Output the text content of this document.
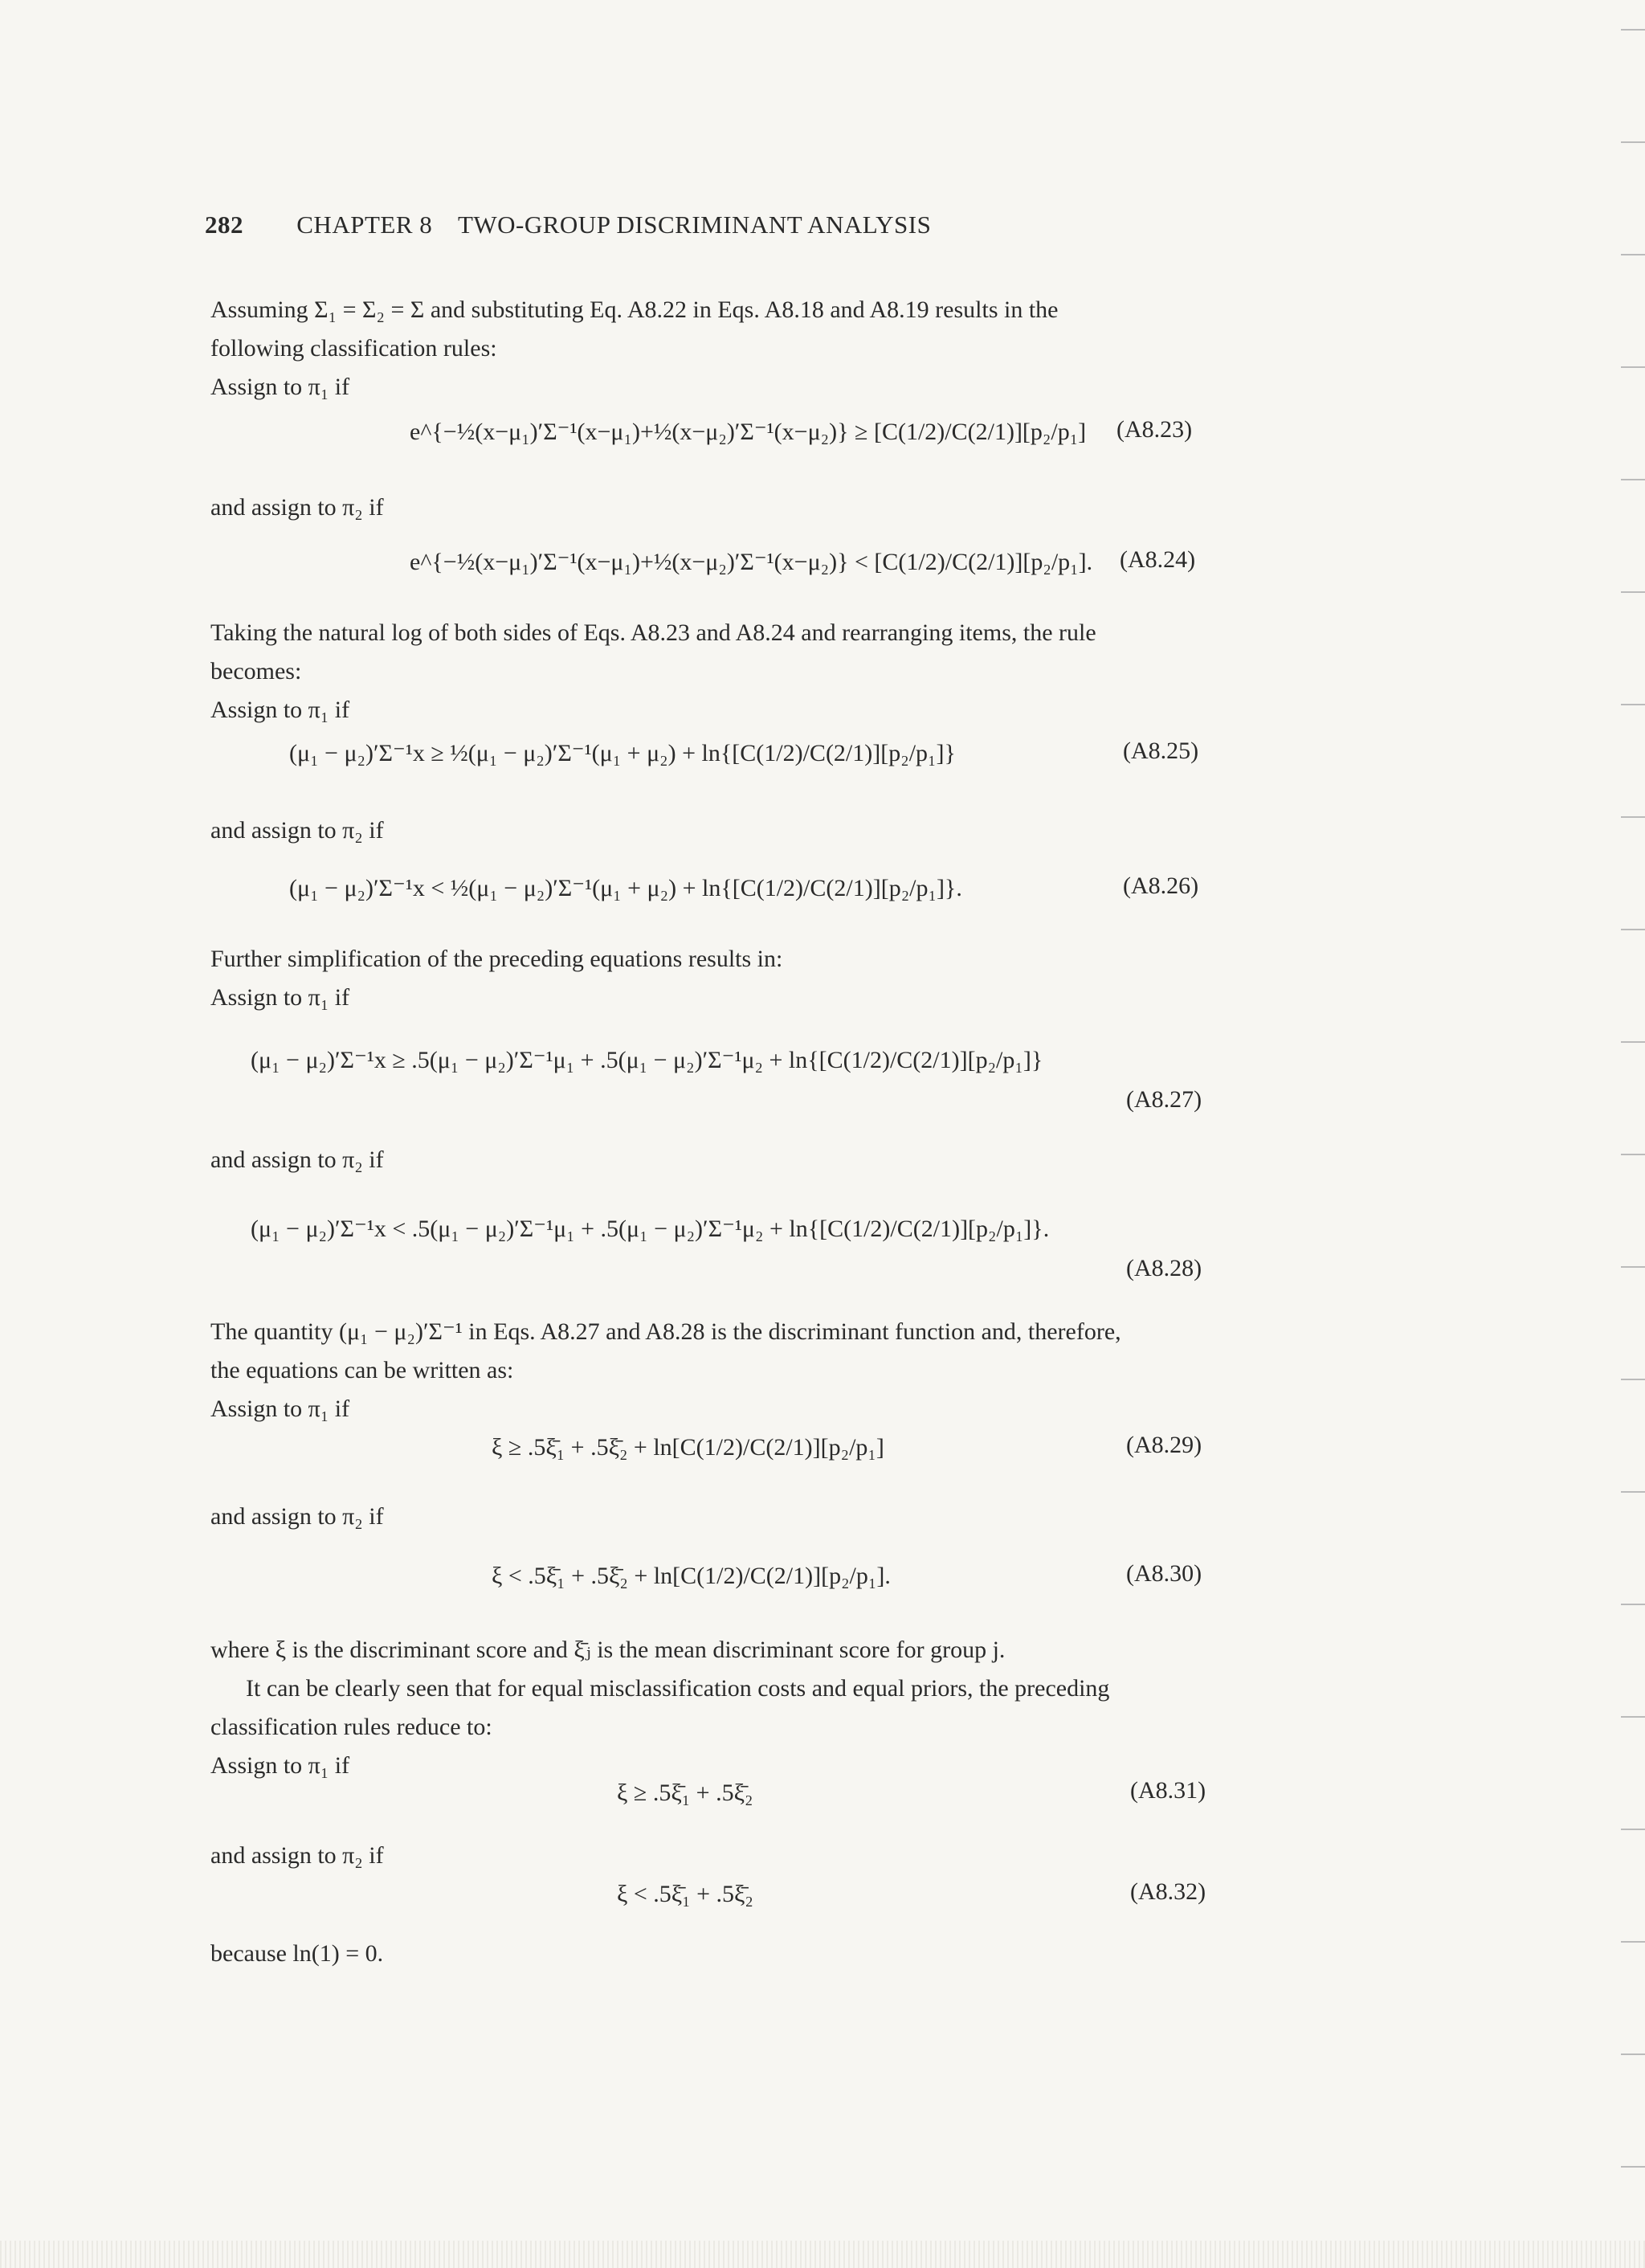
282 CHAPTER 8 TWO-GROUP DISCRIMINANT ANALYSIS
Assuming Σ₁ = Σ₂ = Σ and substituting Eq. A8.22 in Eqs. A8.18 and A8.19 results in the
following classification rules:
Assign to π₁ if
e^{−½(x−μ₁)′Σ⁻¹(x−μ₁)+½(x−μ₂)′Σ⁻¹(x−μ₂)} ≥ [C(1/2)/C(2/1)][p₂/p₁] (A8.23)
and assign to π₂ if
e^{−½(x−μ₁)′Σ⁻¹(x−μ₁)+½(x−μ₂)′Σ⁻¹(x−μ₂)} < [C(1/2)/C(2/1)][p₂/p₁]. (A8.24)
Taking the natural log of both sides of Eqs. A8.23 and A8.24 and rearranging items, the rule
becomes:
Assign to π₁ if
(μ₁ − μ₂)′Σ⁻¹x ≥ ½(μ₁ − μ₂)′Σ⁻¹(μ₁ + μ₂) + ln{[C(1/2)/C(2/1)][p₂/p₁]}	(A8.25)
and assign to π₂ if
(μ₁ − μ₂)′Σ⁻¹x < ½(μ₁ − μ₂)′Σ⁻¹(μ₁ + μ₂) + ln{[C(1/2)/C(2/1)][p₂/p₁]}.	(A8.26)
Further simplification of the preceding equations results in:
Assign to π₁ if
(μ₁ − μ₂)′Σ⁻¹x ≥ .5(μ₁ − μ₂)′Σ⁻¹μ₁ + .5(μ₁ − μ₂)′Σ⁻¹μ₂ + ln{[C(1/2)/C(2/1)][p₂/p₁]}
(A8.27)
and assign to π₂ if
(μ₁ − μ₂)′Σ⁻¹x < .5(μ₁ − μ₂)′Σ⁻¹μ₁ + .5(μ₁ − μ₂)′Σ⁻¹μ₂ + ln{[C(1/2)/C(2/1)][p₂/p₁]}.
(A8.28)
The quantity (μ₁ − μ₂)′Σ⁻¹ in Eqs. A8.27 and A8.28 is the discriminant function and, therefore,
the equations can be written as:
Assign to π₁ if
ξ ≥ .5ξ̄₁ + .5ξ̄₂ + ln[C(1/2)/C(2/1)][p₂/p₁]	(A8.29)
and assign to π₂ if
ξ < .5ξ̄₁ + .5ξ̄₂ + ln[C(1/2)/C(2/1)][p₂/p₁].	(A8.30)
where ξ is the discriminant score and ξ̄ⱼ is the mean discriminant score for group j.

It can be clearly seen that for equal misclassification costs and equal priors, the preceding
classification rules reduce to:
Assign to π₁ if
ξ ≥ .5ξ̄₁ + .5ξ̄₂	(A8.31)
and assign to π₂ if
ξ < .5ξ̄₁ + .5ξ̄₂	(A8.32)
because ln(1) = 0.
